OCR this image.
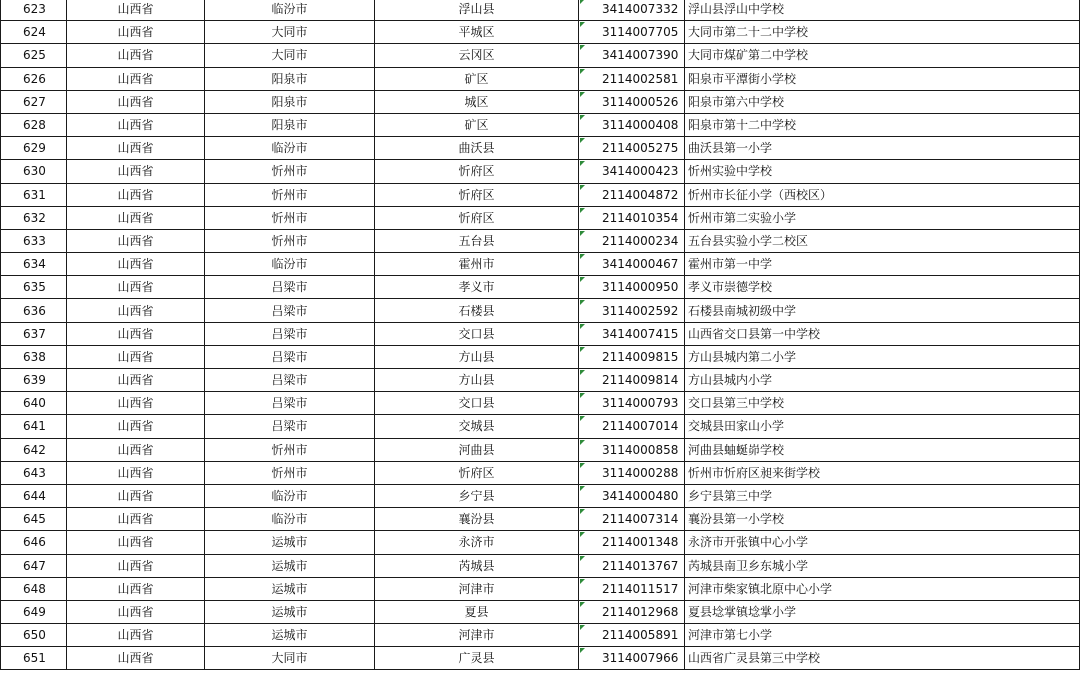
623	山西省	临汾市	浮山县	3414007332	浮山县浮山中学校
624	山西省	大同市	平城区	3114007705	大同市第二十二中学校
625	山西省	大同市	云冈区	3414007390	大同市煤矿第二中学校
626	山西省	阳泉市	矿区	2114002581	阳泉市平潭街小学校
627	山西省	阳泉市	城区	3114000526	阳泉市第六中学校
628	山西省	阳泉市	矿区	3114000408	阳泉市第十二中学校
629	山西省	临汾市	曲沃县	2114005275	曲沃县第一小学
630	山西省	忻州市	忻府区	3414000423	忻州实验中学校
631	山西省	忻州市	忻府区	2114004872	忻州市长征小学（西校区）
632	山西省	忻州市	忻府区	2114010354	忻州市第二实验小学
633	山西省	忻州市	五台县	2114000234	五台县实验小学二校区
634	山西省	临汾市	霍州市	3414000467	霍州市第一中学
635	山西省	吕梁市	孝义市	3114000950	孝义市崇德学校
636	山西省	吕梁市	石楼县	3114002592	石楼县南城初级中学
637	山西省	吕梁市	交口县	3414007415	山西省交口县第一中学校
638	山西省	吕梁市	方山县	2114009815	方山县城内第二小学
639	山西省	吕梁市	方山县	2114009814	方山县城内小学
640	山西省	吕梁市	交口县	3114000793	交口县第三中学校
641	山西省	吕梁市	交城县	2114007014	交城县田家山小学
642	山西省	忻州市	河曲县	3114000858	河曲县蚰蜒峁学校
643	山西省	忻州市	忻府区	3114000288	忻州市忻府区昶来街学校
644	山西省	临汾市	乡宁县	3414000480	乡宁县第三中学
645	山西省	临汾市	襄汾县	2114007314	襄汾县第一小学校
646	山西省	运城市	永济市	2114001348	永济市开张镇中心小学
647	山西省	运城市	芮城县	2114013767	芮城县南卫乡东城小学
648	山西省	运城市	河津市	2114011517	河津市柴家镇北原中心小学
649	山西省	运城市	夏县	2114012968	夏县埝掌镇埝掌小学
650	山西省	运城市	河津市	2114005891	河津市第七小学
651	山西省	大同市	广灵县	3114007966	山西省广灵县第三中学校
